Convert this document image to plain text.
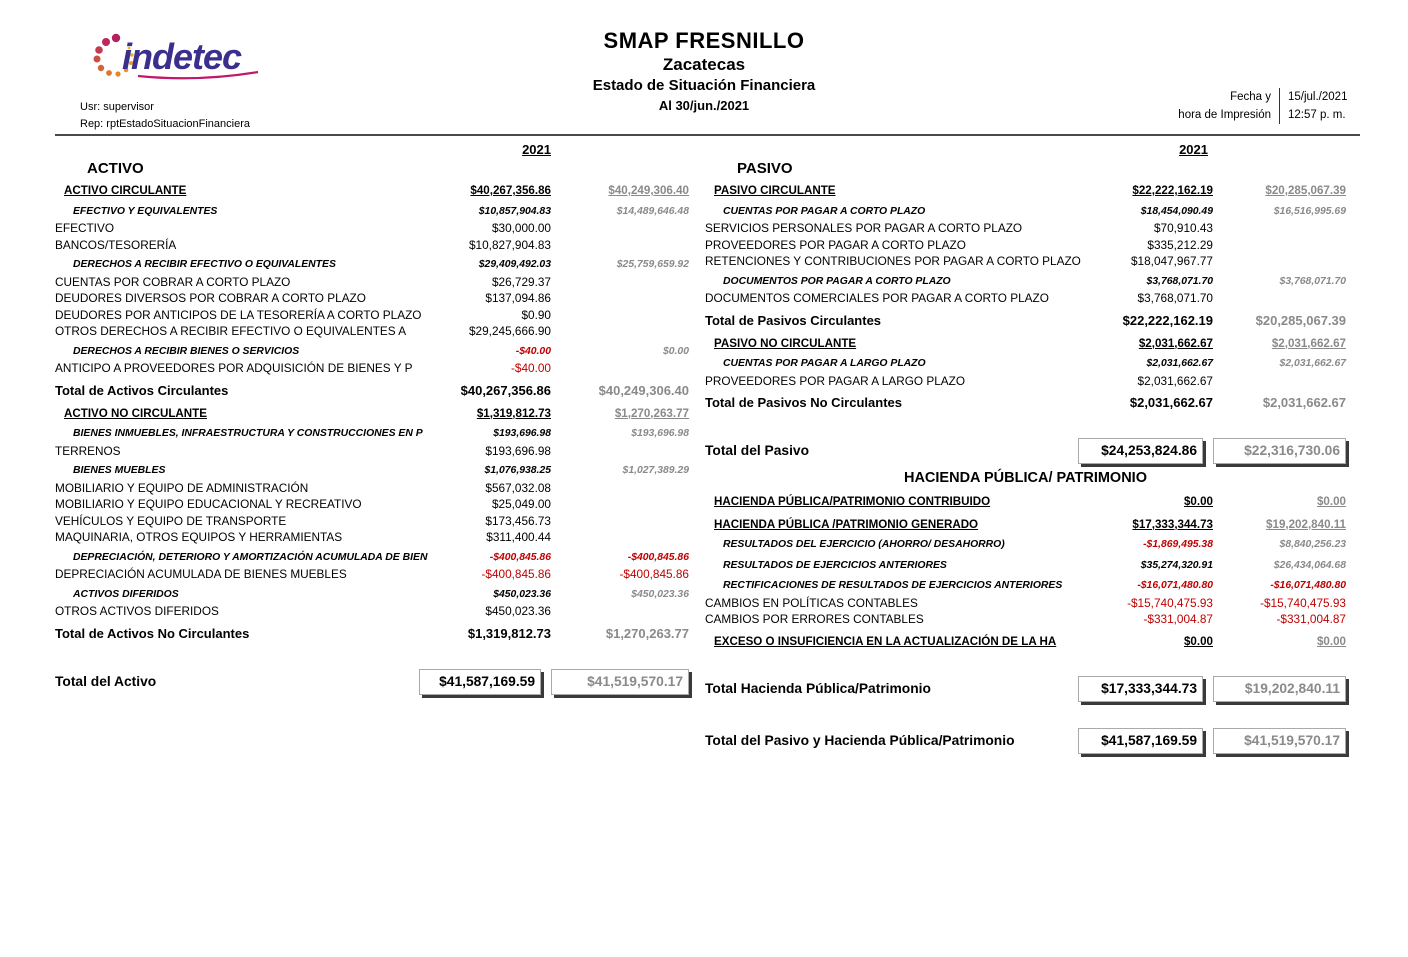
indetec
Usr: supervisor
Rep: rptEstadoSituacionFinanciera
SMAP FRESNILLO
Zacatecas
Estado de Situación Financiera
Al 30/jun./2021
Fecha y	15/jul./2021
hora de Impresión	12:57 p. m.
2021
ACTIVO
ACTIVO CIRCULANTE	$40,267,356.86	$40,249,306.40
EFECTIVO Y EQUIVALENTES	$10,857,904.83	$14,489,646.48
EFECTIVO	$30,000.00
BANCOS/TESORERÍA	$10,827,904.83
DERECHOS A RECIBIR EFECTIVO O EQUIVALENTES	$29,409,492.03	$25,759,659.92
CUENTAS POR COBRAR A CORTO PLAZO	$26,729.37
DEUDORES DIVERSOS POR COBRAR A CORTO PLAZO	$137,094.86
DEUDORES POR ANTICIPOS DE LA TESORERÍA A CORTO PLAZO	$0.90
OTROS DERECHOS A RECIBIR EFECTIVO O EQUIVALENTES A	$29,245,666.90
DERECHOS A RECIBIR BIENES O SERVICIOS	-$40.00	$0.00
ANTICIPO A PROVEEDORES POR ADQUISICIÓN DE BIENES Y P	-$40.00
Total de Activos Circulantes	$40,267,356.86	$40,249,306.40
ACTIVO NO CIRCULANTE	$1,319,812.73	$1,270,263.77
BIENES INMUEBLES, INFRAESTRUCTURA Y CONSTRUCCIONES EN P	$193,696.98	$193,696.98
TERRENOS	$193,696.98
BIENES MUEBLES	$1,076,938.25	$1,027,389.29
MOBILIARIO Y EQUIPO DE ADMINISTRACIÓN	$567,032.08
MOBILIARIO Y EQUIPO EDUCACIONAL Y RECREATIVO	$25,049.00
VEHÍCULOS Y EQUIPO DE TRANSPORTE	$173,456.73
MAQUINARIA, OTROS EQUIPOS Y HERRAMIENTAS	$311,400.44
DEPRECIACIÓN, DETERIORO Y AMORTIZACIÓN ACUMULADA DE BIEN	-$400,845.86	-$400,845.86
DEPRECIACIÓN ACUMULADA DE BIENES MUEBLES	-$400,845.86	-$400,845.86
ACTIVOS DIFERIDOS	$450,023.36	$450,023.36
OTROS ACTIVOS DIFERIDOS	$450,023.36
Total de Activos No Circulantes	$1,319,812.73	$1,270,263.77
Total del Activo	$41,587,169.59	$41,519,570.17
2021
PASIVO
PASIVO CIRCULANTE	$22,222,162.19	$20,285,067.39
CUENTAS POR PAGAR A CORTO PLAZO	$18,454,090.49	$16,516,995.69
SERVICIOS PERSONALES POR PAGAR A CORTO PLAZO	$70,910.43
PROVEEDORES POR PAGAR A CORTO PLAZO	$335,212.29
RETENCIONES Y CONTRIBUCIONES POR PAGAR A CORTO PLAZO	$18,047,967.77
DOCUMENTOS POR PAGAR A CORTO PLAZO	$3,768,071.70	$3,768,071.70
DOCUMENTOS COMERCIALES POR PAGAR A CORTO PLAZO	$3,768,071.70
Total de Pasivos Circulantes	$22,222,162.19	$20,285,067.39
PASIVO NO CIRCULANTE	$2,031,662.67	$2,031,662.67
CUENTAS POR PAGAR A LARGO PLAZO	$2,031,662.67	$2,031,662.67
PROVEEDORES POR PAGAR A LARGO PLAZO	$2,031,662.67
Total de Pasivos No Circulantes	$2,031,662.67	$2,031,662.67
Total del Pasivo	$24,253,824.86	$22,316,730.06
HACIENDA PÚBLICA/ PATRIMONIO
HACIENDA PÚBLICA/PATRIMONIO CONTRIBUIDO	$0.00	$0.00
HACIENDA PÚBLICA /PATRIMONIO GENERADO	$17,333,344.73	$19,202,840.11
RESULTADOS DEL EJERCICIO (AHORRO/ DESAHORRO)	-$1,869,495.38	$8,840,256.23
RESULTADOS DE EJERCICIOS ANTERIORES	$35,274,320.91	$26,434,064.68
RECTIFICACIONES DE RESULTADOS DE EJERCICIOS ANTERIORES	-$16,071,480.80	-$16,071,480.80
CAMBIOS EN POLÍTICAS CONTABLES	-$15,740,475.93	-$15,740,475.93
CAMBIOS POR ERRORES CONTABLES	-$331,004.87	-$331,004.87
EXCESO O INSUFICIENCIA EN LA ACTUALIZACIÓN DE LA HA	$0.00	$0.00
Total Hacienda Pública/Patrimonio	$17,333,344.73	$19,202,840.11
Total del Pasivo y Hacienda Pública/Patrimonio	$41,587,169.59	$41,519,570.17
